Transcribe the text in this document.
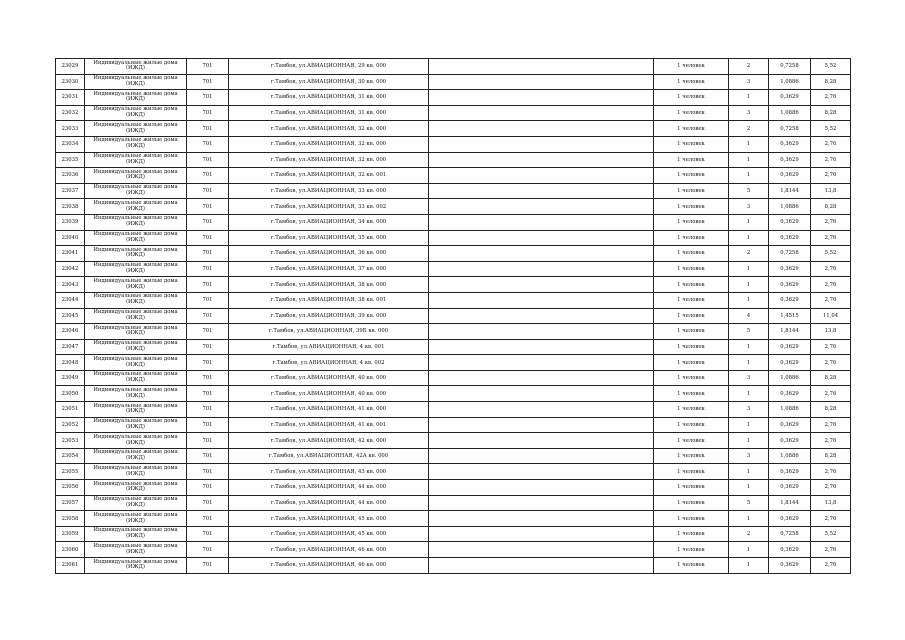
23029	Индивидуальные жилые дома (ИЖД)	701	г.Тамбов, ул.АВИАЦИОННАЯ, 29 кв. 000		1 человек	2	0,7258	5,52
23030	Индивидуальные жилые дома (ИЖД)	701	г.Тамбов, ул.АВИАЦИОННАЯ, 30 кв. 000		1 человек	3	1,0886	8,28
23031	Индивидуальные жилые дома (ИЖД)	701	г.Тамбов, ул.АВИАЦИОННАЯ, 31 кв. 000		1 человек	1	0,3629	2,76
23032	Индивидуальные жилые дома (ИЖД)	701	г.Тамбов, ул.АВИАЦИОННАЯ, 31 кв. 000		1 человек	3	1,0886	8,28
23033	Индивидуальные жилые дома (ИЖД)	701	г.Тамбов, ул.АВИАЦИОННАЯ, 32 кв. 000		1 человек	2	0,7258	5,52
23034	Индивидуальные жилые дома (ИЖД)	701	г.Тамбов, ул.АВИАЦИОННАЯ, 32 кв. 000		1 человек	1	0,3629	2,76
23035	Индивидуальные жилые дома (ИЖД)	701	г.Тамбов, ул.АВИАЦИОННАЯ, 32 кв. 000		1 человек	1	0,3629	2,76
23036	Индивидуальные жилые дома (ИЖД)	701	г.Тамбов, ул.АВИАЦИОННАЯ, 32 кв. 001		1 человек	1	0,3629	2,76
23037	Индивидуальные жилые дома (ИЖД)	701	г.Тамбов, ул.АВИАЦИОННАЯ, 33 кв. 000		1 человек	5	1,8144	13,8
23038	Индивидуальные жилые дома (ИЖД)	701	г.Тамбов, ул.АВИАЦИОННАЯ, 33 кв. 002		1 человек	3	1,0886	8,28
23039	Индивидуальные жилые дома (ИЖД)	701	г.Тамбов, ул.АВИАЦИОННАЯ, 34 кв. 000		1 человек	1	0,3629	2,76
23040	Индивидуальные жилые дома (ИЖД)	701	г.Тамбов, ул.АВИАЦИОННАЯ, 35 кв. 000		1 человек	1	0,3629	2,76
23041	Индивидуальные жилые дома (ИЖД)	701	г.Тамбов, ул.АВИАЦИОННАЯ, 36 кв. 000		1 человек	2	0,7258	5,52
23042	Индивидуальные жилые дома (ИЖД)	701	г.Тамбов, ул.АВИАЦИОННАЯ, 37 кв. 000		1 человек	1	0,3629	2,76
23043	Индивидуальные жилые дома (ИЖД)	701	г.Тамбов, ул.АВИАЦИОННАЯ, 38 кв. 000		1 человек	1	0,3629	2,76
23044	Индивидуальные жилые дома (ИЖД)	701	г.Тамбов, ул.АВИАЦИОННАЯ, 38 кв. 001		1 человек	1	0,3629	2,76
23045	Индивидуальные жилые дома (ИЖД)	701	г.Тамбов, ул.АВИАЦИОННАЯ, 39 кв. 000		1 человек	4	1,4515	11,04
23046	Индивидуальные жилые дома (ИЖД)	701	г.Тамбов, ул.АВИАЦИОННАЯ, 39Б кв. 000		1 человек	5	1,8144	13,8
23047	Индивидуальные жилые дома (ИЖД)	701	г.Тамбов, ул.АВИАЦИОННАЯ, 4 кв. 001		1 человек	1	0,3629	2,76
23048	Индивидуальные жилые дома (ИЖД)	701	г.Тамбов, ул.АВИАЦИОННАЯ, 4 кв. 002		1 человек	1	0,3629	2,76
23049	Индивидуальные жилые дома (ИЖД)	701	г.Тамбов, ул.АВИАЦИОННАЯ, 40 кв. 000		1 человек	3	1,0886	8,28
23050	Индивидуальные жилые дома (ИЖД)	701	г.Тамбов, ул.АВИАЦИОННАЯ, 40 кв. 000		1 человек	1	0,3629	2,76
23051	Индивидуальные жилые дома (ИЖД)	701	г.Тамбов, ул.АВИАЦИОННАЯ, 41 кв. 000		1 человек	3	1,0886	8,28
23052	Индивидуальные жилые дома (ИЖД)	701	г.Тамбов, ул.АВИАЦИОННАЯ, 41 кв. 001		1 человек	1	0,3629	2,76
23053	Индивидуальные жилые дома (ИЖД)	701	г.Тамбов, ул.АВИАЦИОННАЯ, 42 кв. 000		1 человек	1	0,3629	2,76
23054	Индивидуальные жилые дома (ИЖД)	701	г.Тамбов, ул.АВИАЦИОННАЯ, 42А кв. 000		1 человек	3	1,0886	8,28
23055	Индивидуальные жилые дома (ИЖД)	701	г.Тамбов, ул.АВИАЦИОННАЯ, 43 кв. 000		1 человек	1	0,3629	2,76
23056	Индивидуальные жилые дома (ИЖД)	701	г.Тамбов, ул.АВИАЦИОННАЯ, 44 кв. 000		1 человек	1	0,3629	2,76
23057	Индивидуальные жилые дома (ИЖД)	701	г.Тамбов, ул.АВИАЦИОННАЯ, 44 кв. 000		1 человек	5	1,8144	13,8
23058	Индивидуальные жилые дома (ИЖД)	701	г.Тамбов, ул.АВИАЦИОННАЯ, 45 кв. 000		1 человек	1	0,3629	2,76
23059	Индивидуальные жилые дома (ИЖД)	701	г.Тамбов, ул.АВИАЦИОННАЯ, 45 кв. 000		1 человек	2	0,7258	5,52
23060	Индивидуальные жилые дома (ИЖД)	701	г.Тамбов, ул.АВИАЦИОННАЯ, 46 кв. 000		1 человек	1	0,3629	2,76
23061	Индивидуальные жилые дома (ИЖД)	701	г.Тамбов, ул.АВИАЦИОННАЯ, 46 кв. 000		1 человек	1	0,3629	2,76
